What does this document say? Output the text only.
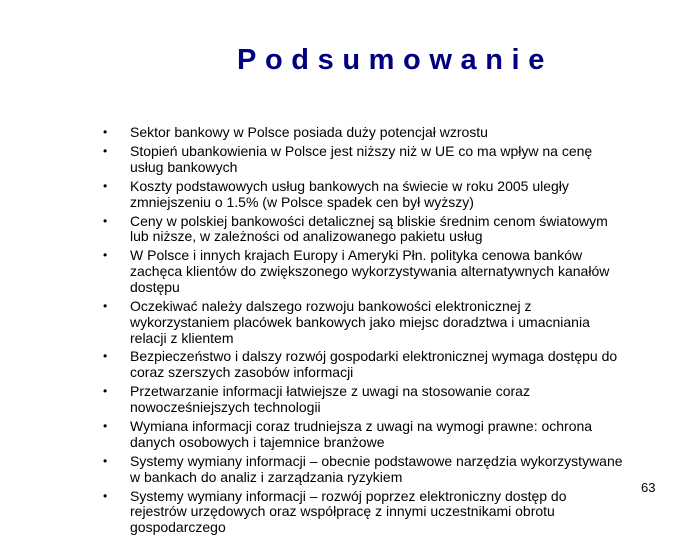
Podsumowanie
• Sektor bankowy w Polsce posiada duży potencjał wzrostu
• Stopień ubankowienia w Polsce jest niższy niż w UE co ma wpływ na cenę usług bankowych
• Koszty podstawowych usług bankowych na świecie w roku 2005 uległy zmniejszeniu o 1.5% (w Polsce spadek cen był wyższy)
• Ceny w polskiej bankowości detalicznej są bliskie średnim cenom światowym lub niższe, w zależności od analizowanego pakietu usług
• W Polsce i innych krajach Europy i Ameryki Płn. polityka cenowa banków zachęca klientów do zwiększonego wykorzystywania alternatywnych kanałów dostępu
• Oczekiwać należy dalszego rozwoju bankowości elektronicznej z wykorzystaniem placówek bankowych jako miejsc doradztwa i umacniania relacji z klientem
• Bezpieczeństwo i dalszy rozwój gospodarki elektronicznej wymaga dostępu do coraz szerszych zasobów informacji
• Przetwarzanie informacji łatwiejsze z uwagi na stosowanie coraz nowocześniejszych technologii
• Wymiana informacji coraz trudniejsza z uwagi na wymogi prawne: ochrona danych osobowych i tajemnice branżowe
• Systemy wymiany informacji – obecnie podstawowe narzędzia wykorzystywane w bankach do analiz i zarządzania ryzykiem
• Systemy wymiany informacji – rozwój poprzez elektroniczny dostęp do rejestrów urzędowych oraz współpracę z innymi uczestnikami obrotu gospodarczego
63
